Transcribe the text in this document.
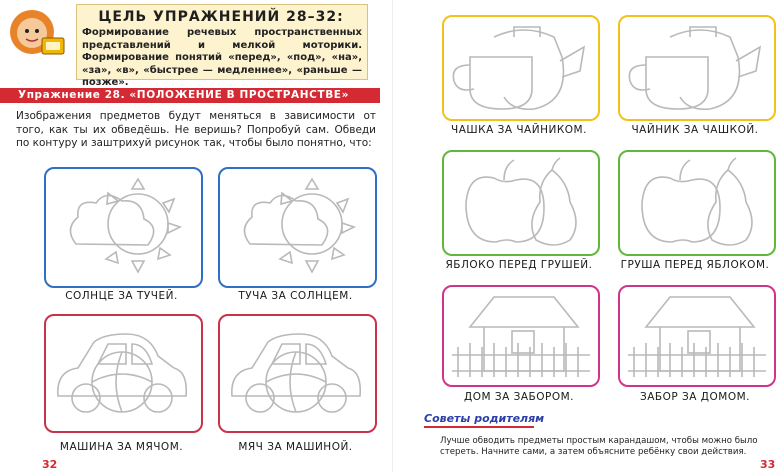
ЦЕЛЬ УПРАЖНЕНИЙ 28–32:
Формирование речевых пространственных представлений и мелкой моторики. Формирование понятий «перед», «под», «на», «за», «в», «быстрее — медленнее», «раньше — позже».
Упражнение 28. «ПОЛОЖЕНИЕ В ПРОСТРАНСТВЕ»
Изображения предметов будут меняться в зависимости от того, как ты их обведёшь. Не веришь? Попробуй сам. Обведи по контуру и заштрихуй рисунок так, чтобы было понятно, что:
СОЛНЦЕ ЗА ТУЧЕЙ.	ТУЧА ЗА СОЛНЦЕМ.
МАШИНА ЗА МЯЧОМ.	МЯЧ ЗА МАШИНОЙ.
32
ЧАШКА ЗА ЧАЙНИКОМ.	ЧАЙНИК ЗА ЧАШКОЙ.
ЯБЛОКО ПЕРЕД ГРУШЕЙ.	ГРУША ПЕРЕД ЯБЛОКОМ.
ДОМ ЗА ЗАБОРОМ.	ЗАБОР ЗА ДОМОМ.
Советы родителям
Лучше обводить предметы простым карандашом, чтобы можно было стереть. Начните сами, а затем объясните ребёнку свои действия.
33
